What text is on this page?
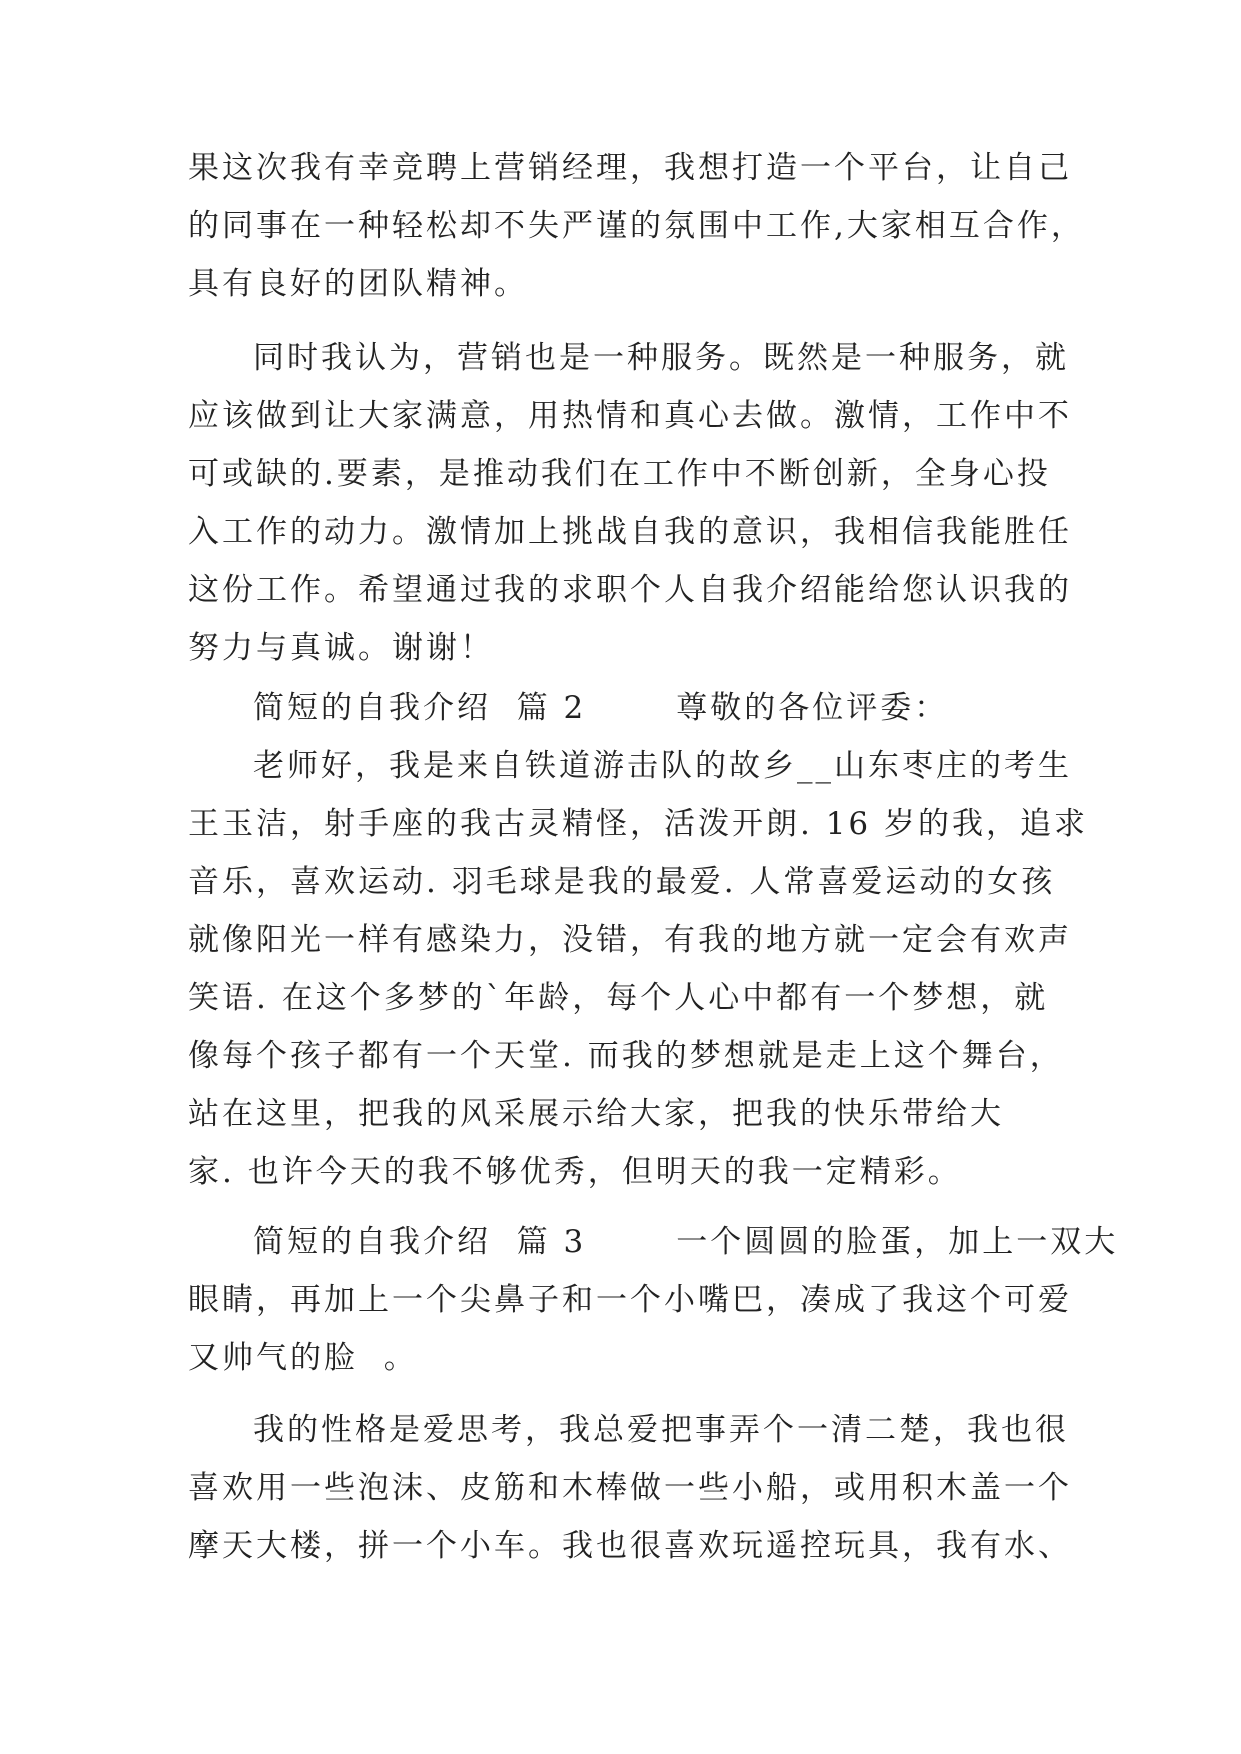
果这次我有幸竞聘上营销经理，我想打造一个平台，让自己
的同事在一种轻松却不失严谨的氛围中工作,大家相互合作，
具有良好的团队精神。
同时我认为，营销也是一种服务。既然是一种服务，就
应该做到让大家满意，用热情和真心去做。激情，工作中不
可或缺的.要素，是推动我们在工作中不断创新，全身心投
入工作的动力。激情加上挑战自我的意识，我相信我能胜任
这份工作。希望通过我的求职个人自我介绍能给您认识我的
努力与真诚。谢谢！
简短的自我介绍  篇 2       尊敬的各位评委：
老师好，我是来自铁道游击队的故乡__山东枣庄的考生
王玉洁，射手座的我古灵精怪，活泼开朗. 16 岁的我，追求
音乐，喜欢运动. 羽毛球是我的最爱. 人常喜爱运动的女孩
就像阳光一样有感染力，没错，有我的地方就一定会有欢声
笑语. 在这个多梦的`年龄，每个人心中都有一个梦想，就
像每个孩子都有一个天堂. 而我的梦想就是走上这个舞台，
站在这里，把我的风采展示给大家，把我的快乐带给大
家. 也许今天的我不够优秀，但明天的我一定精彩。
简短的自我介绍  篇 3       一个圆圆的脸蛋，加上一双大
眼睛，再加上一个尖鼻子和一个小嘴巴，凑成了我这个可爱
又帅气的脸  。
我的性格是爱思考，我总爱把事弄个一清二楚，我也很
喜欢用一些泡沫、皮筋和木棒做一些小船，或用积木盖一个
摩天大楼，拼一个小车。我也很喜欢玩遥控玩具，我有水、
